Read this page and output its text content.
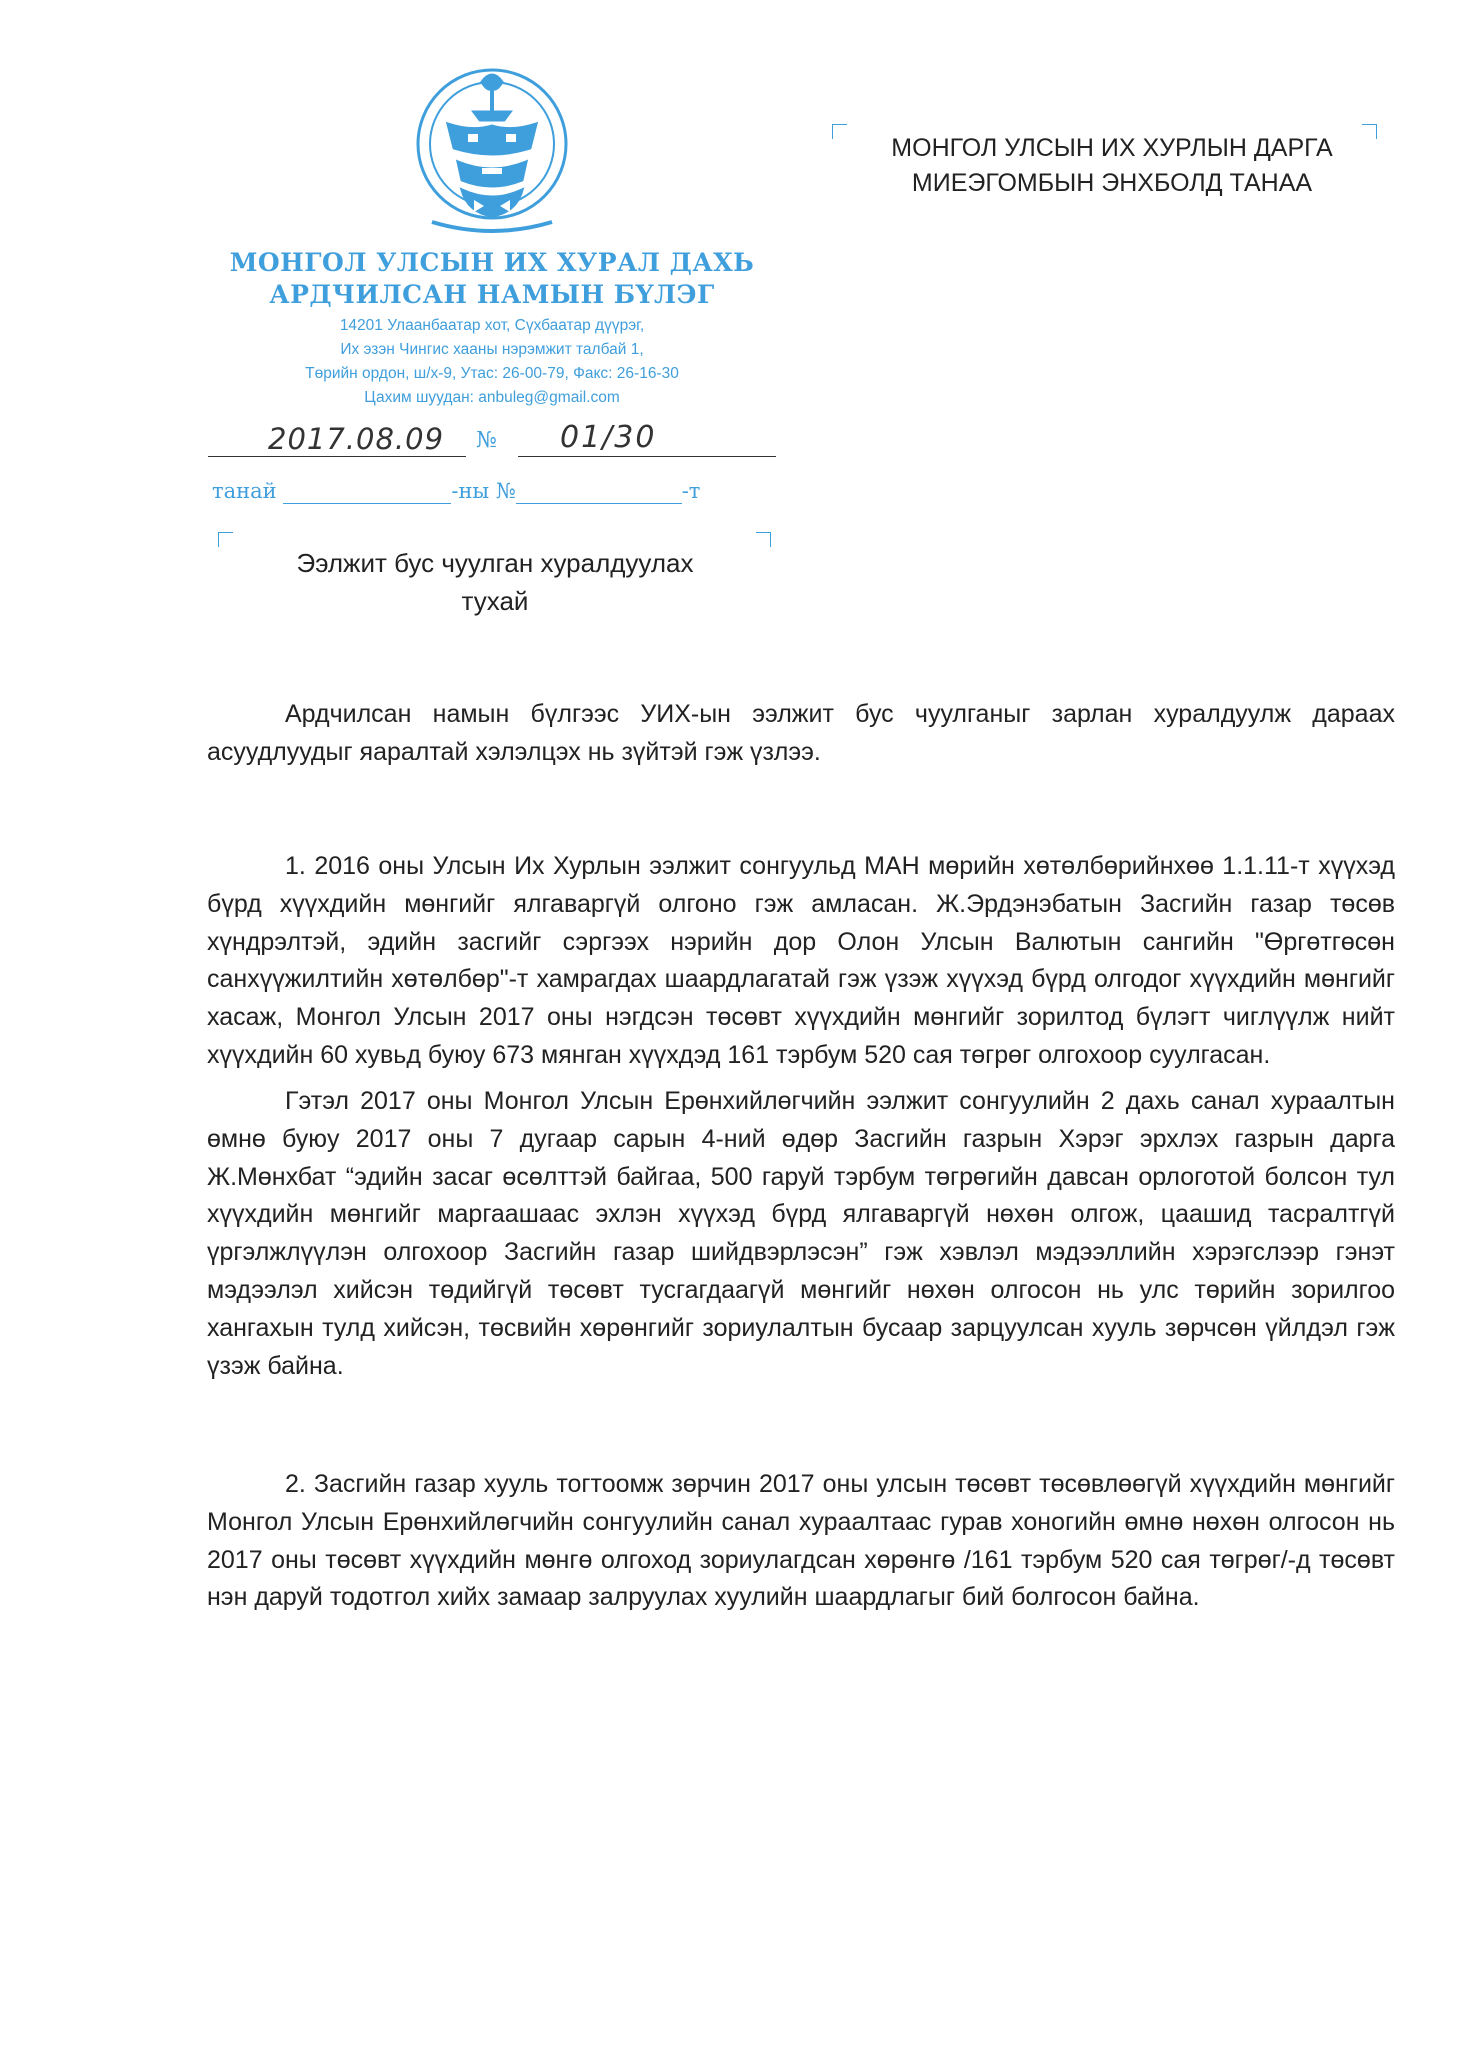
МОНГОЛ УЛСЫН ИХ ХУРАЛ ДАХЬ
АРДЧИЛСАН НАМЫН БҮЛЭГ
14201 Улаанбаатар хот, Сүхбаатар дүүрэг,
Их эзэн Чингис хааны нэрэмжит талбай 1,
Төрийн ордон, ш/х-9, Утас: 26-00-79, Факс: 26-16-30
Цахим шуудан: anbuleg@gmail.com
2017.08.09 № 01/30
танай	-ны №	-т
МОНГОЛ УЛСЫН ИХ ХУРЛЫН ДАРГА
МИЕЭГОМБЫН ЭНХБОЛД ТАНАА
Ээлжит бус чуулган хуралдуулах
тухай

Ардчилсан намын бүлгээс УИХ-ын ээлжит бус чуулганыг зарлан хуралдуулж дараах асуудлуудыг яаралтай хэлэлцэх нь зүйтэй гэж үзлээ.

1. 2016 оны Улсын Их Хурлын ээлжит сонгуульд МАН мөрийн хөтөлбөрийнхөө 1.1.11-т хүүхэд бүрд хүүхдийн мөнгийг ялгаваргүй олгоно гэж амласан. Ж.Эрдэнэбатын Засгийн газар төсөв хүндрэлтэй, эдийн засгийг сэргээх нэрийн дор Олон Улсын Валютын сангийн "Өргөтгөсөн санхүүжилтийн хөтөлбөр"-т хамрагдах шаардлагатай гэж үзэж хүүхэд бүрд олгодог хүүхдийн мөнгийг хасаж, Монгол Улсын 2017 оны нэгдсэн төсөвт хүүхдийн мөнгийг зорилтод бүлэгт чиглүүлж нийт хүүхдийн 60 хувьд буюу 673 мянган хүүхдэд 161 тэрбум 520 сая төгрөг олгохоор суулгасан.

Гэтэл 2017 оны Монгол Улсын Ерөнхийлөгчийн ээлжит сонгуулийн 2 дахь санал хураалтын өмнө буюу 2017 оны 7 дугаар сарын 4-ний өдөр Засгийн газрын Хэрэг эрхлэх газрын дарга Ж.Мөнхбат “эдийн засаг өсөлттэй байгаа, 500 гаруй тэрбум төгрөгийн давсан орлоготой болсон тул хүүхдийн мөнгийг маргаашаас эхлэн хүүхэд бүрд ялгаваргүй нөхөн олгож, цаашид тасралтгүй үргэлжлүүлэн олгохоор Засгийн газар шийдвэрлэсэн” гэж хэвлэл мэдээллийн хэрэгслээр гэнэт мэдээлэл хийсэн төдийгүй төсөвт тусгагдаагүй мөнгийг нөхөн олгосон нь улс төрийн зорилгоо хангахын тулд хийсэн, төсвийн хөрөнгийг зориулалтын бусаар зарцуулсан хууль зөрчсөн үйлдэл гэж үзэж байна.

2. Засгийн газар хууль тогтоомж зөрчин 2017 оны улсын төсөвт төсөвлөөгүй хүүхдийн мөнгийг Монгол Улсын Ерөнхийлөгчийн сонгуулийн санал хураалтаас гурав хоногийн өмнө нөхөн олгосон нь 2017 оны төсөвт хүүхдийн мөнгө олгоход зориулагдсан хөрөнгө /161 тэрбум 520 сая төгрөг/-д төсөвт нэн даруй тодотгол хийх замаар залруулах хуулийн шаардлагыг бий болгосон байна.
